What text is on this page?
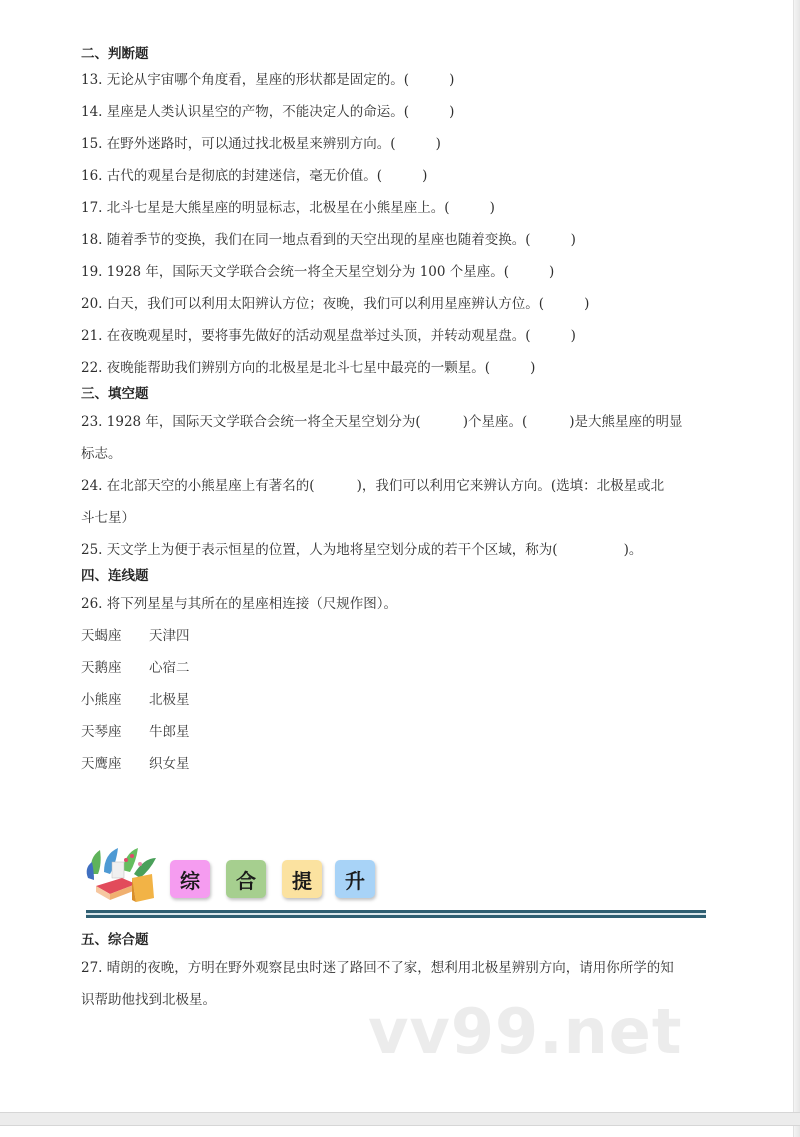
二、判断题
13. 无论从宇宙哪个角度看，星座的形状都是固定的。(	)
14. 星座是人类认识星空的产物，不能决定人的命运。(	)
15. 在野外迷路时，可以通过找北极星来辨别方向。(	)
16. 古代的观星台是彻底的封建迷信，毫无价值。(	)
17. 北斗七星是大熊星座的明显标志，北极星在小熊星座上。(	)
18. 随着季节的变换，我们在同一地点看到的天空出现的星座也随着变换。(	)
19. 1928 年，国际天文学联合会统一将全天星空划分为 100 个星座。(	)
20. 白天，我们可以利用太阳辨认方位；夜晚，我们可以利用星座辨认方位。(	)
21. 在夜晚观星时，要将事先做好的活动观星盘举过头顶，并转动观星盘。(	)
22. 夜晚能帮助我们辨别方向的北极星是北斗七星中最亮的一颗星。(	)
三、填空题
23. 1928 年，国际天文学联合会统一将全天星空划分为(	)个星座。(	)是大熊星座的明显
标志。
24. 在北部天空的小熊星座上有著名的(	)，我们可以利用它来辨认方向。(选填：北极星或北
斗七星）
25. 天文学上为便于表示恒星的位置，人为地将星空划分成的若干个区域，称为(	)。
四、连线题
26. 将下列星星与其所在的星座相连接（尺规作图）。
天蝎座 天津四
天鹅座 心宿二
小熊座 北极星
天琴座 牛郎星
天鹰座 织女星
五、综合题
27. 晴朗的夜晚，方明在野外观察昆虫时迷了路回不了家，想利用北极星辨别方向，请用你所学的知
识帮助他找到北极星。
综 合 提 升
vv99.net
